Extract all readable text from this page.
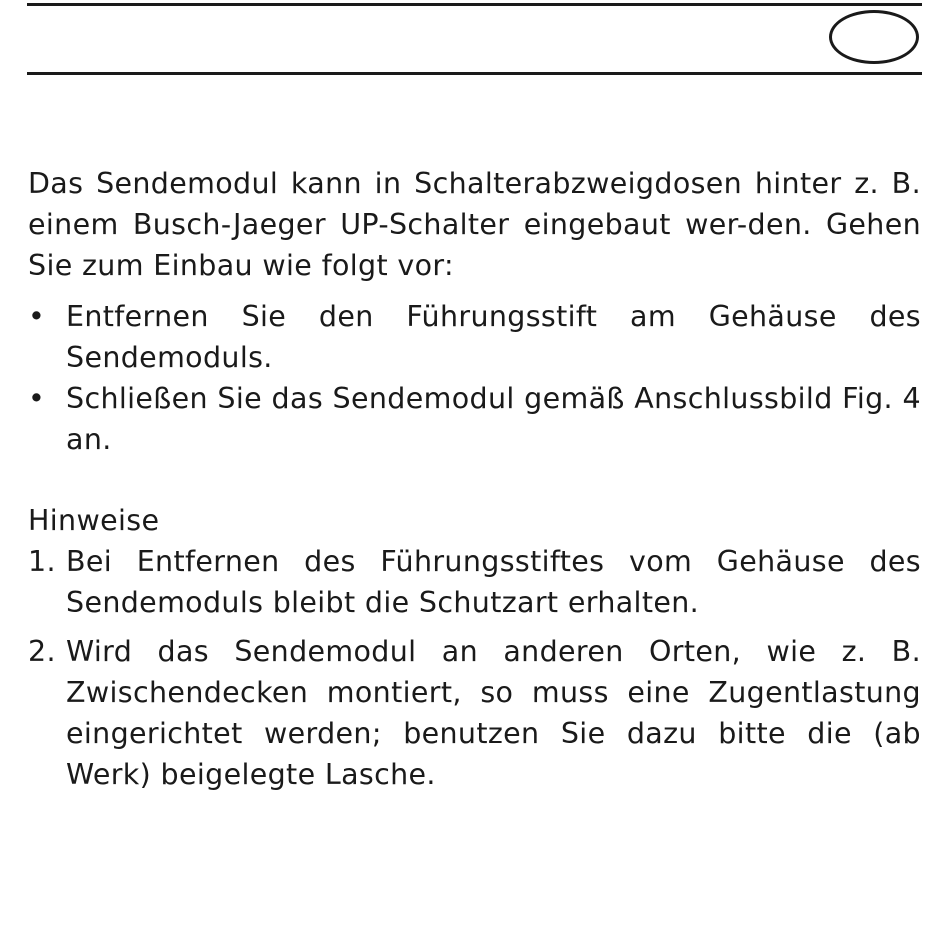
Das Sendemodul kann in Schalterabzweigdosen hinter z. B. einem Busch-Jaeger UP-Schalter eingebaut wer-den. Gehen Sie zum Einbau wie folgt vor:

• Entfernen Sie den Führungsstift am Gehäuse des Sendemoduls.
• Schließen Sie das Sendemodul gemäß Anschlussbild Fig. 4 an.

Hinweise

1. Bei Entfernen des Führungsstiftes vom Gehäuse des Sendemoduls bleibt die Schutzart erhalten.
2. Wird das Sendemodul an anderen Orten, wie z. B. Zwischendecken montiert, so muss eine Zugentlastung eingerichtet werden; benutzen Sie dazu bitte die (ab Werk) beigelegte Lasche.
